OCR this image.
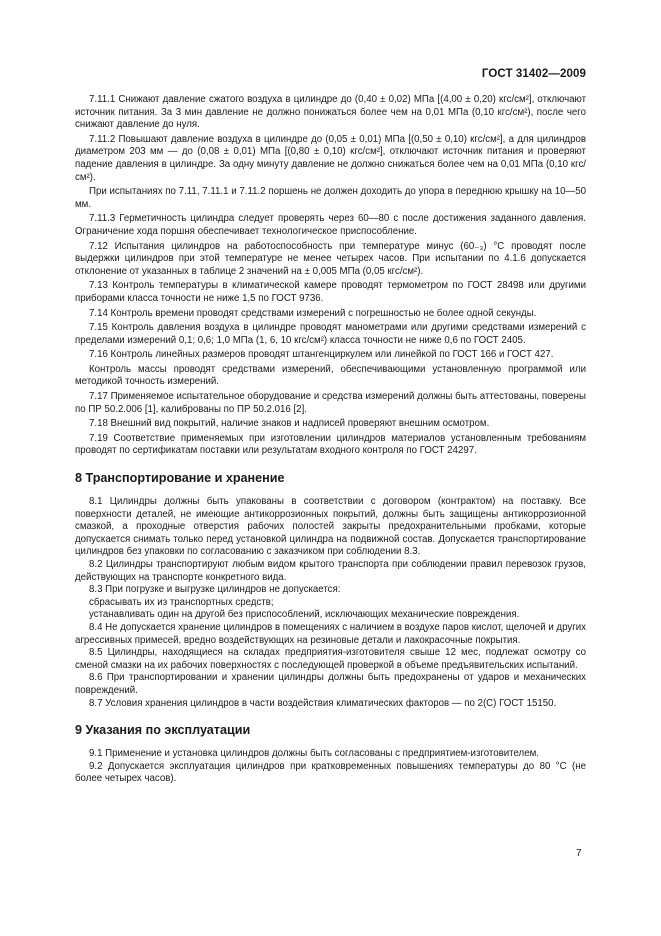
ГОСТ 31402—2009

7.11.1 Снижают давление сжатого воздуха в цилиндре до (0,40 ± 0,02) МПа [(4,00 ± 0,20) кгс/см²], отключают источник питания. За 3 мин давление не должно понижаться более чем на 0,01 МПа (0,10 кгс/см²), после чего снижают давление до нуля.

7.11.2 Повышают давление воздуха в цилиндре до (0,05 ± 0,01) МПа [(0,50 ± 0,10) кгс/см²], а для цилиндров диаметром 203 мм — до (0,08 ± 0,01) МПа [(0,80 ± 0,10) кгс/см²], отключают источник питания и проверяют падение давления в цилиндре. За одну минуту давление не должно снижаться более чем на 0,01 МПа (0,10 кгс/см²).

При испытаниях по 7.11, 7.11.1 и 7.11.2 поршень не должен доходить до упора в переднюю крышку на 10—50 мм.

7.11.3 Герметичность цилиндра следует проверять через 60—80 с после достижения заданного давления. Ограничение хода поршня обеспечивает технологическое приспособление.

7.12 Испытания цилиндров на работоспособность при температуре минус (60₋₃) °C проводят после выдержки цилиндров при этой температуре не менее четырех часов. При испытании по 4.1.6 допускается отклонение от указанных в таблице 2 значений на ± 0,005 МПа (0,05 кгс/см²).

7.13 Контроль температуры в климатической камере проводят термометром по ГОСТ 28498 или другими приборами класса точности не ниже 1,5 по ГОСТ 9736.

7.14 Контроль времени проводят средствами измерений с погрешностью не более одной секунды.

7.15 Контроль давления воздуха в цилиндре проводят манометрами или другими средствами измерений с пределами измерений 0,1; 0,6; 1,0 МПа (1, 6, 10 кгс/см²) класса точности не ниже 0,6 по ГОСТ 2405.

7.16 Контроль линейных размеров проводят штангенциркулем или линейкой по ГОСТ 166 и ГОСТ 427.

Контроль массы проводят средствами измерений, обеспечивающими установленную программой или методикой точность измерений.

7.17 Применяемое испытательное оборудование и средства измерений должны быть аттестованы, поверены по ПР 50.2.006 [1], калиброваны по ПР 50.2.016 [2].

7.18 Внешний вид покрытий, наличие знаков и надписей проверяют внешним осмотром.

7.19 Соответствие применяемых при изготовлении цилиндров материалов установленным требованиям проводят по сертификатам поставки или результатам входного контроля по ГОСТ 24297.

8 Транспортирование и хранение

8.1 Цилиндры должны быть упакованы в соответствии с договором (контрактом) на поставку. Все поверхности деталей, не имеющие антикоррозионных покрытий, должны быть защищены антикоррозионной смазкой, а проходные отверстия рабочих полостей закрыты предохранительными пробками, которые допускается снимать только перед установкой цилиндра на подвижной состав. Допускается транспортирование цилиндров без упаковки по согласованию с заказчиком при соблюдении 8.3.

8.2 Цилиндры транспортируют любым видом крытого транспорта при соблюдении правил перевозок грузов, действующих на транспорте конкретного вида.

8.3 При погрузке и выгрузке цилиндров не допускается:

сбрасывать их из транспортных средств;

устанавливать один на другой без приспособлений, исключающих механические повреждения.

8.4 Не допускается хранение цилиндров в помещениях с наличием в воздухе паров кислот, щелочей и других агрессивных примесей, вредно воздействующих на резиновые детали и лакокрасочные покрытия.

8.5 Цилиндры, находящиеся на складах предприятия-изготовителя свыше 12 мес, подлежат осмотру со сменой смазки на их рабочих поверхностях с последующей проверкой в объеме предъявительских испытаний.

8.6 При транспортировании и хранении цилиндры должны быть предохранены от ударов и механических повреждений.

8.7 Условия хранения цилиндров в части воздействия климатических факторов — по 2(С) ГОСТ 15150.

9 Указания по эксплуатации

9.1 Применение и установка цилиндров должны быть согласованы с предприятием-изготовителем.

9.2 Допускается эксплуатация цилиндров при кратковременных повышениях температуры до 80 °C (не более четырех часов).

7
